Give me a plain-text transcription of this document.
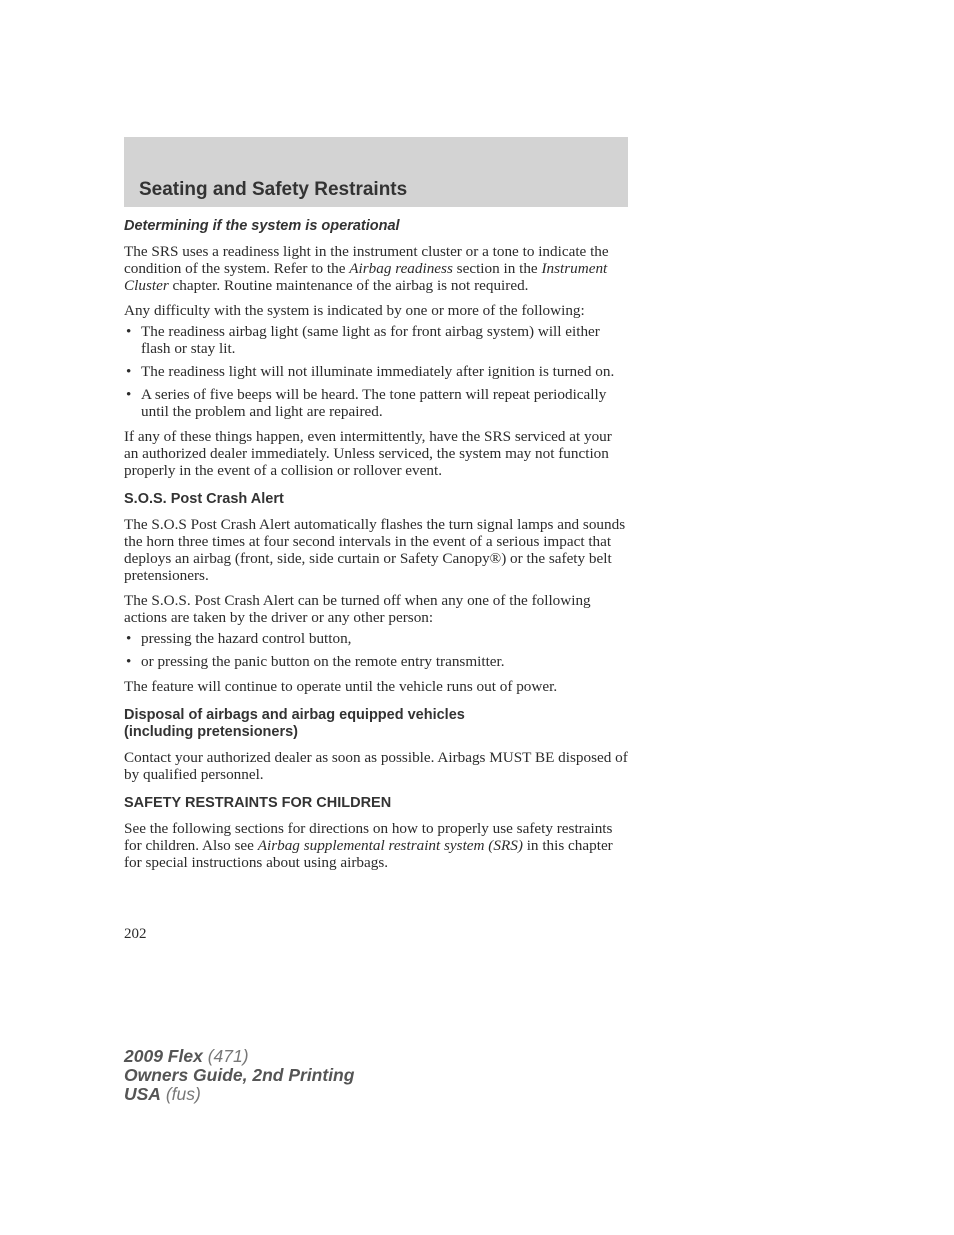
Seating and Safety Restraints
Determining if the system is operational

The SRS uses a readiness light in the instrument cluster or a tone to indicate the condition of the system. Refer to the Airbag readiness section in the Instrument Cluster chapter. Routine maintenance of the airbag is not required.

Any difficulty with the system is indicated by one or more of the following:

• The readiness airbag light (same light as for front airbag system) will either flash or stay lit.
• The readiness light will not illuminate immediately after ignition is turned on.
• A series of five beeps will be heard. The tone pattern will repeat periodically until the problem and light are repaired.

If any of these things happen, even intermittently, have the SRS serviced at your an authorized dealer immediately. Unless serviced, the system may not function properly in the event of a collision or rollover event.

S.O.S. Post Crash Alert

The S.O.S Post Crash Alert automatically flashes the turn signal lamps and sounds the horn three times at four second intervals in the event of a serious impact that deploys an airbag (front, side, side curtain or Safety Canopy®) or the safety belt pretensioners.

The S.O.S. Post Crash Alert can be turned off when any one of the following actions are taken by the driver or any other person:

• pressing the hazard control button,
• or pressing the panic button on the remote entry transmitter.

The feature will continue to operate until the vehicle runs out of power.

Disposal of airbags and airbag equipped vehicles
(including pretensioners)

Contact your authorized dealer as soon as possible. Airbags MUST BE disposed of by qualified personnel.

SAFETY RESTRAINTS FOR CHILDREN

See the following sections for directions on how to properly use safety restraints for children. Also see Airbag supplemental restraint system (SRS) in this chapter for special instructions about using airbags.

202
2009 Flex (471)
Owners Guide, 2nd Printing
USA (fus)
